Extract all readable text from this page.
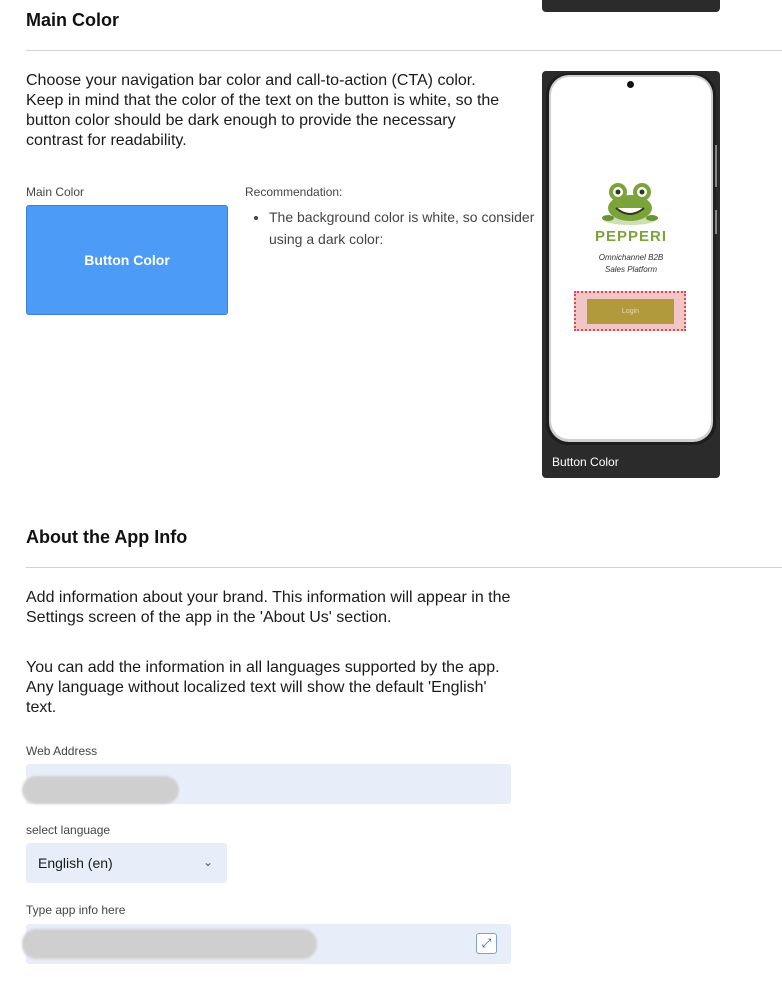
Main Color
Choose your navigation bar color and call-to-action (CTA) color. Keep in mind that the color of the text on the button is white, so the button color should be dark enough to provide the necessary contrast for readability.
Main Color
Button Color
Recommendation:
• The background color is white, so consider using a dark color:	PEPPERI
Omnichannel B2B
Sales Platform
Login
Button Color
About the App Info
Add information about your brand. This information will appear in the Settings screen of the app in the 'About Us' section.
You can add the information in all languages supported by the app. Any language without localized text will show the default 'English' text.
Web Address
select language
English (en)	⌄
Type app info here
⤢
